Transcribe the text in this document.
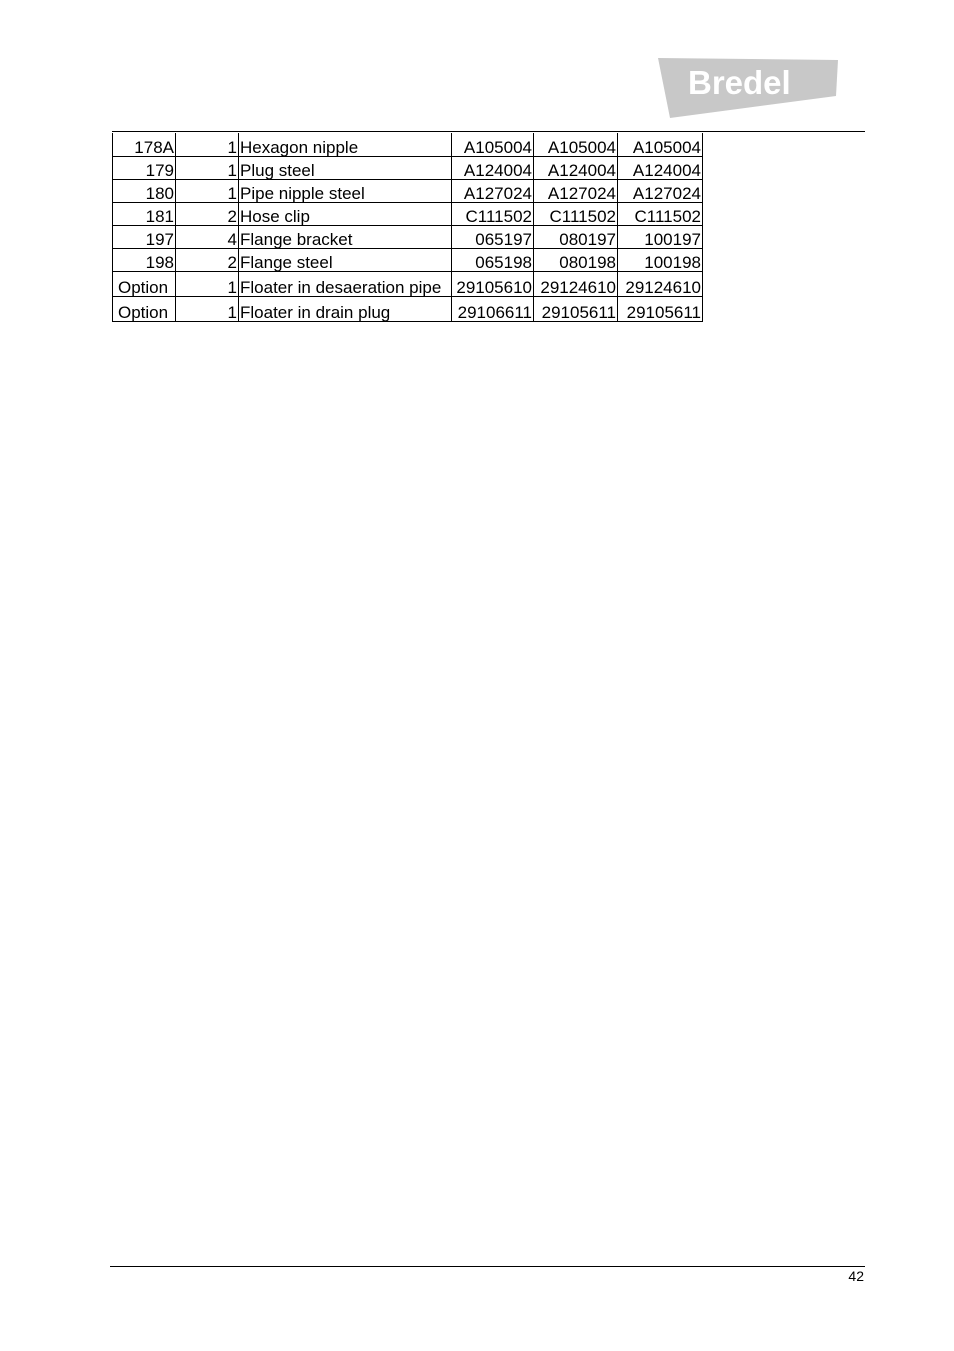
Bredel
178A	1	Hexagon nipple	A105004	A105004	A105004
179	1	Plug steel	A124004	A124004	A124004
180	1	Pipe nipple steel	A127024	A127024	A127024
181	2	Hose clip	C111502	C111502	C111502
197	4	Flange bracket	065197	080197	100197
198	2	Flange steel	065198	080198	100198
Option	1	Floater in desaeration pipe	29105610	29124610	29124610
Option	1	Floater in drain plug	29106611	29105611	29105611
42
